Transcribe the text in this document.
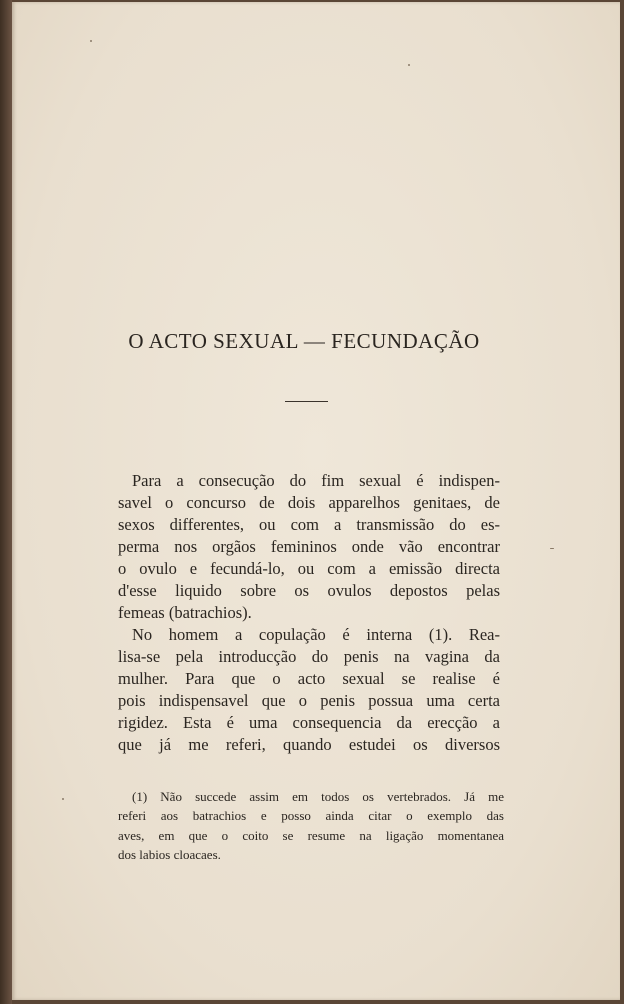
O ACTO SEXUAL — FECUNDAÇÃO
Para a consecução do fim sexual é indispen-
savel o concurso de dois apparelhos genitaes, de
sexos differentes, ou com a transmissão do es-
perma nos orgãos femininos onde vão encontrar
o ovulo e fecundá-lo, ou com a emissão directa
d'esse liquido sobre os ovulos depostos pelas
femeas (batrachios).
No homem a copulação é interna (1). Rea-
lisa-se pela introducção do penis na vagina da
mulher. Para que o acto sexual se realise é
pois indispensavel que o penis possua uma certa
rigidez. Esta é uma consequencia da erecção a
que já me referi, quando estudei os diversos
(1) Não succede assim em todos os vertebrados. Já me
referi aos batrachios e posso ainda citar o exemplo das
aves, em que o coito se resume na ligação momentanea
dos labios cloacaes.
